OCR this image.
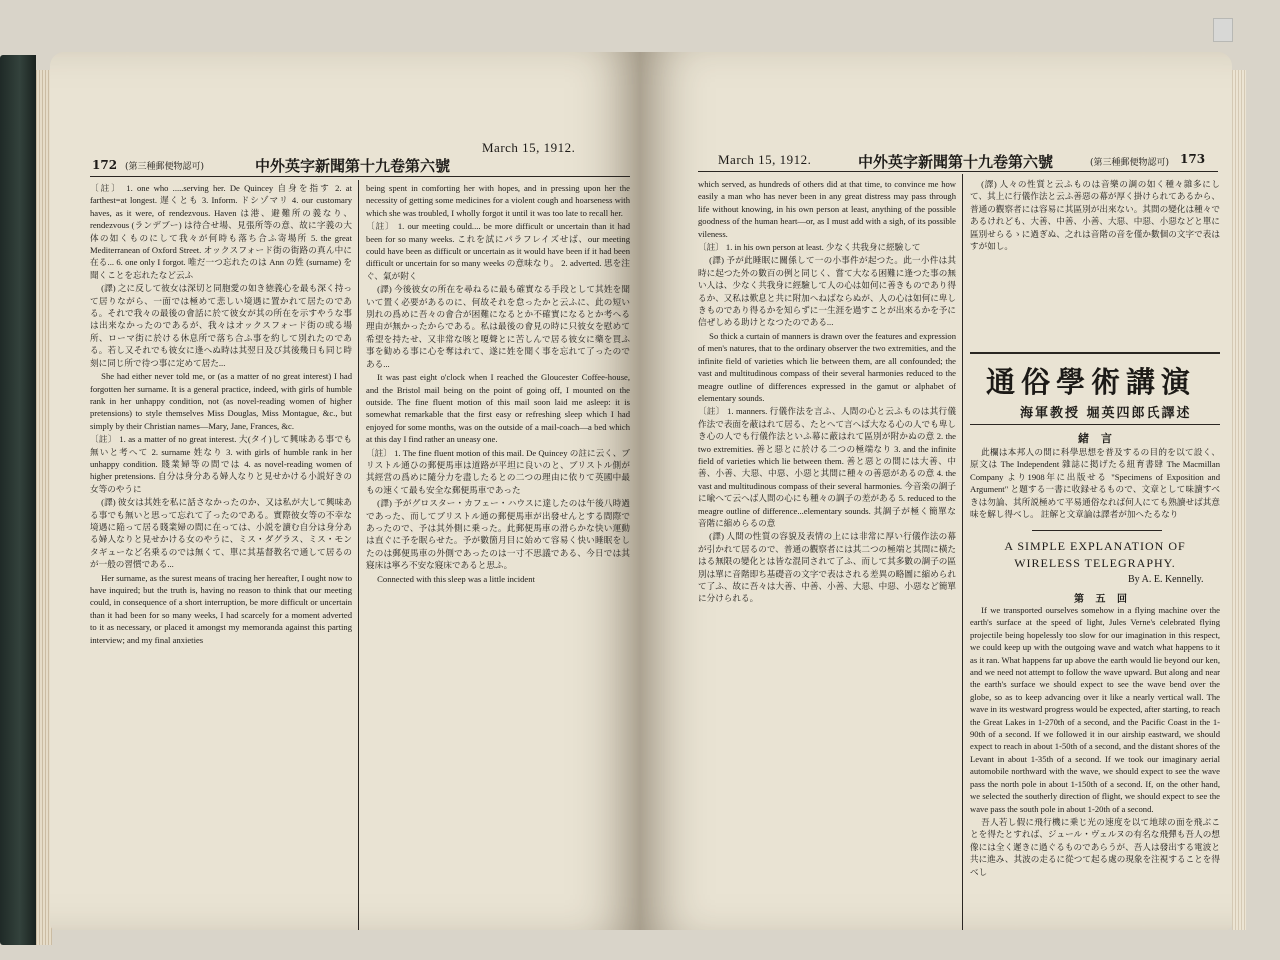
March 15, 1912.
172 (第三種郵便物認可)	中外英字新聞第十九卷第六號

〔註〕 1. one who .....serving her. De Quincey 自身を指す 2. at farthest=at longest. 遅くとも 3. Inform. ドシゾマリ 4. our customary haves, as it were, of rendezvous. Haven は港、避難所の義なり、rendezvous (ランデブー) は待合せ場、見張所等の意、故に字義の大体の如くものにして我々が何時も落ち合ふ寄場所 5. the great Mediterranean of Oxford Street. オックスフォード街の街路の真ん中に在る... 6. one only I forgot. 唯だ一つ忘れたのは Ann の姓 (surname) を聞くことを忘れたなど云ふ

(譯) 之に反して彼女は深切と同胞愛の如き徳義心を最も深く持って居りながら、一面では極めて悲しい境遇に置かれて居たのである。それで我々の最後の會話に於て彼女が其の所在を示すやうな事は出来なかったのであるが、我々はオックスフォード街の或る場所、ローマ街に於ける休息所で落ち合ふ事を約して別れたのである。若し又それでも彼女に逢へぬ時は其翌日及び其後幾日も同じ時刻に同じ所で待つ事に定めて居た...

She had either never told me, or (as a matter of no great interest) I had forgotten her surname. It is a general practice, indeed, with girls of humble rank in her unhappy condition, not (as novel-reading women of higher pretensions) to style themselves Miss Douglas, Miss Montague, &c., but simply by their Christian names—Mary, Jane, Frances, &c.

〔註〕 1. as a matter of no great interest. 大(タイ)して興味ある事でも無いと考へて 2. surname 姓なり 3. with girls of humble rank in her unhappy condition. 賤業婦等の間では 4. as novel-reading women of higher pretensions. 自分は身分ある婦人なりと見せかける小説好きの女等のやうに

(譯) 彼女は其姓を私に話さなかったのか、又は私が大して興味ある事でも無いと思って忘れて了ったのである。實際彼女等の不幸な境遇に陥って居る賤業婦の間に在っては、小説を讀む自分は身分ある婦人なりと見せかける女のやうに、ミス・ダグラス、ミス・モンタギューなど名乗るのでは無くて、單に其基督教名で通して居るのが一般の習慣である...

Her surname, as the surest means of tracing her hereafter, I ought now to have inquired; but the truth is, having no reason to think that our meeting could, in consequence of a short interruption, be more difficult or uncertain than it had been for so many weeks, I had scarcely for a moment adverted to it as necessary, or placed it amongst my memoranda against this parting interview; and my final anxieties

being spent in comforting her with hopes, and in pressing upon her the necessity of getting some medicines for a violent cough and hoarseness with which she was troubled, I wholly forgot it until it was too late to recall her.

〔註〕 1. our meeting could.... be more difficult or uncertain than it had been for so many weeks. これを試にパラフレイズせば、our meeting could have been as difficult or uncertain as it would have been if it had been difficult or uncertain for so many weeks の意味なり。 2. adverted. 思を注ぐ、氣が附く

(譯) 今後彼女の所在を尋ねるに最も確實なる手段として其姓を聞いて置く必要があるのに、何故それを怠ったかと云ふに、此の短い別れの爲めに吾々の會合が困難になるとか不確實になるとか考へる理由が無かったからである。私は最後の會見の時に只彼女を慰めて希望を持たせ、又非常な咳と嗄聲とに苦しんで居る彼女に藥を買ふ事を勧める事に心を奪はれて、遂に姓を聞く事を忘れて了ったのである...

It was past eight o'clock when I reached the Gloucester Coffee-house, and the Bristol mail being on the point of going off, I mounted on the outside. The fine fluent motion of this mail soon laid me asleep: it is somewhat remarkable that the first easy or refreshing sleep which I had enjoyed for some months, was on the outside of a mail-coach—a bed which at this day I find rather an uneasy one.

〔註〕 1. The fine fluent motion of this mail. De Quincey の註に云く、ブリストル通ひの郵便馬車は道路が平坦に良いのと、ブリストル側が其經営の爲めに隨分力を盡したるとの二つの理由に依りて英國中最もの速くて最も安全な郵便馬車であった

(譯) 予がグロスター・カフェー・ハウスに達したのは午後八時過であった、而してブリストル通の郵便馬車が出發せんとする間際であったので、予は其外側に乗った。此郵便馬車の滑らかな快い運動は直ぐに予を眠らせた。予が數箇月目に始めて容易く快い睡眠をしたのは郵便馬車の外側であったのは一寸不思議である、今日では其寢床は寧ろ不安な寢床であると思ふ。

Connected with this sleep was a little incident

March 15, 1912.	中外英字新聞第十九卷第六號	(第三種郵便物認可) 173

which served, as hundreds of others did at that time, to convince me how easily a man who has never been in any great distress may pass through life without knowing, in his own person at least, anything of the possible goodness of the human heart—or, as I must add with a sigh, of its possible vileness.

〔註〕 1. in his own person at least. 少なく共我身に經驗して

(譯) 予が此睡眠に關係して一の小事件が起つた。此一小件は其時に起つた外の數百の例と同じく、嘗て大なる困難に逢つた事の無い人は、少なく共我身に經驗して人の心は如何に善きものであり得るか、又私は歎息と共に附加へねばならぬが、人の心は如何に卑しきものであり得るかを知らずに一生涯を過すことが出來るかを予に信ぜしめる助けとなつたのである...

So thick a curtain of manners is drawn over the features and expression of men's natures, that to the ordinary observer the two extremities, and the infinite field of varieties which lie between them, are all confounded; the vast and multitudinous compass of their several harmonies reduced to the meagre outline of differences expressed in the gamut or alphabet of elementary sounds.

〔註〕 1. manners. 行儀作法を言ふ、人間の心と云ふものは其行儀作法で表面を蔽はれて居る、たとへて言へば大なる心の人でも卑しき心の人でも行儀作法といふ幕に蔽はれて區別が附かぬの意 2. the two extremities. 善と惡とに於ける二つの極端なり 3. and the infinite field of varieties which lie between them. 善と惡との間には大善、中善、小善、大惡、中惡、小惡と其間に種々の善惡があるの意 4. the vast and multitudinous compass of their several harmonies. 今音楽の調子に喩へて云へば人間の心にも種々の調子の差がある 5. reduced to the meagre outline of difference...elementary sounds. 其調子が極く簡單な音階に縮めらるの意

(譯) 人間の性質の容貌及表情の上には非常に厚い行儀作法の幕が引かれて居るので、普通の觀察者には其二つの極端と其間に橫たはる無限の變化とは皆な混同されて了ふ、而して其多數の調子の區別は單に音階即ち基礎音の文字で表はされる差異の略圖に縮められて了ふ、故に吾々は大善、中善、小善、大惡、中惡、小惡など簡單に分けられる。

(譯) 人々の性質と云ふものは音樂の調の如く種々雜多にして、其上に行儀作法と云ふ善惡の幕が厚く掛けられてあるから、普通の觀察者には容易に其區別が出來ない。其間の變化は種々であるけれども、大善、中善、小善、大惡、中惡、小惡などと單に區別せらるゝに過ぎぬ、之れは音階の音を僅か數個の文字で表はすが如し。

通俗學術講演
海軍教授 堀英四郎氏譯述
緒 言

此欄は本邦人の間に科學思想を普及するの目的を以て設く、原文は The Independent 雜誌に掲げたる紐育書肆 The Macmillan Company より1908年に出版せる "Specimens of Exposition and Argument" と題する一書に收録せるもので、文章として味讀すべきは勿論、其所説極めて平易通俗なれば何人にても熟讀せば其意味を解し得べし。 註解と文章論は譯者が加へたるなり

A SIMPLE EXPLANATION OF
WIRELESS TELEGRAPHY.
By A. E. Kennelly.
第 五 回

If we transported ourselves somehow in a flying machine over the earth's surface at the speed of light, Jules Verne's celebrated flying projectile being hopelessly too slow for our imagination in this respect, we could keep up with the outgoing wave and watch what happens to it as it ran. What happens far up above the earth would lie beyond our ken, and we need not attempt to follow the wave upward. But along and near the earth's surface we should expect to see the wave bend over the globe, so as to keep advancing over it like a nearly vertical wall. The wave in its westward progress would be expected, after starting, to reach the Great Lakes in 1-270th of a second, and the Pacific Coast in the 1-90th of a second. If we followed it in our airship eastward, we should expect to reach in about 1-50th of a second, and the distant shores of the Levant in about 1-35th of a second. If we took our imaginary aerial automobile northward with the wave, we should expect to see the wave pass the north pole in about 1-150th of a second. If, on the other hand, we selected the southerly direction of flight, we should expect to see the wave pass the south pole in about 1-20th of a second.

吾人若し假に飛行機に乗じ光の速度を以て地球の面を飛ぶことを得たとすれば、ジュール・ヴェルヌの有名な飛彈も吾人の想像には全く遲きに過ぐるものであらうが、吾人は發出する電波と共に進み、其波の走るに從つて起る處の現象を注視することを得べし
